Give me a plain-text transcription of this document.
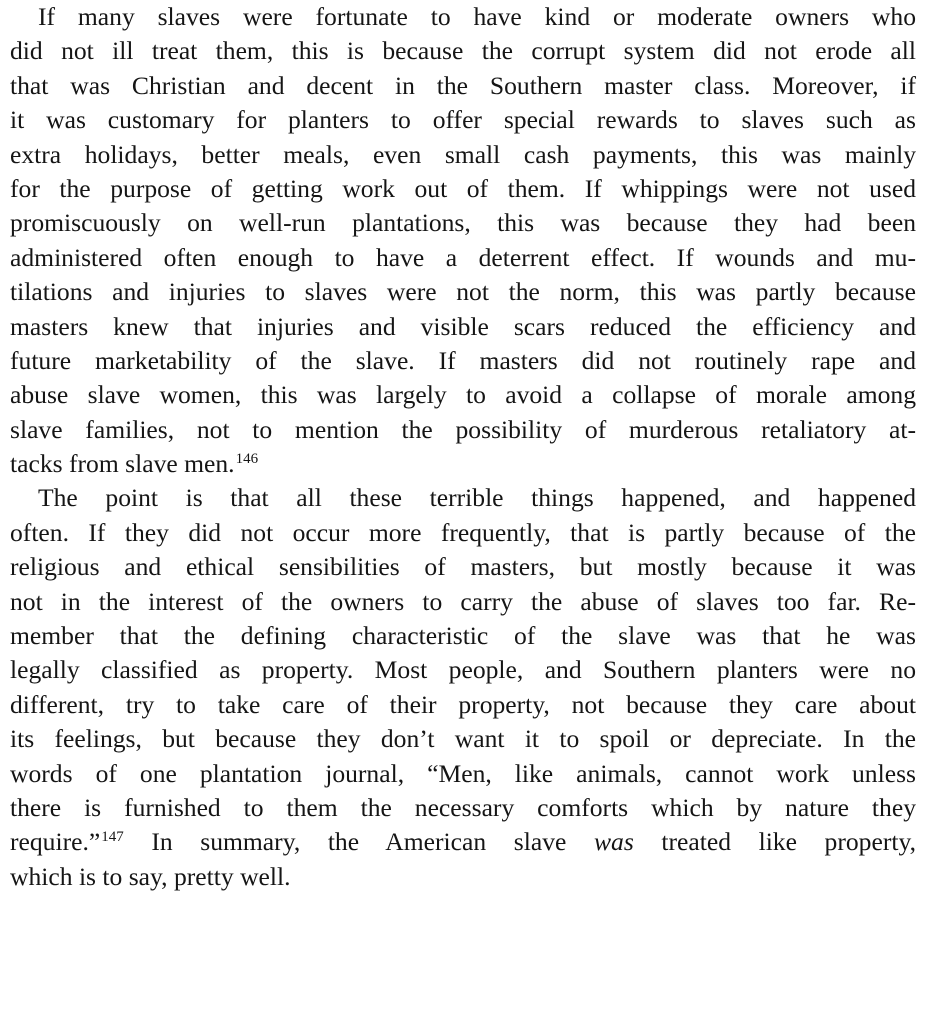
If many slaves were fortunate to have kind or moderate owners who
did not ill treat them, this is because the corrupt system did not erode all
that was Christian and decent in the Southern master class. Moreover, if
it was customary for planters to offer special rewards to slaves such as
extra holidays, better meals, even small cash payments, this was mainly
for the purpose of getting work out of them. If whippings were not used
promiscuously on well-run plantations, this was because they had been
administered often enough to have a deterrent effect. If wounds and mu-
tilations and injuries to slaves were not the norm, this was partly because
masters knew that injuries and visible scars reduced the efficiency and
future marketability of the slave. If masters did not routinely rape and
abuse slave women, this was largely to avoid a collapse of morale among
slave families, not to mention the possibility of murderous retaliatory at-
tacks from slave men.$^{146}$
The point is that all these terrible things happened, and happened
often. If they did not occur more frequently, that is partly because of the
religious and ethical sensibilities of masters, but mostly because it was
not in the interest of the owners to carry the abuse of slaves too far. Re-
member that the defining characteristic of the slave was that he was
legally classified as property. Most people, and Southern planters were no
different, try to take care of their property, not because they care about
its feelings, but because they don’t want it to spoil or depreciate. In the
words of one plantation journal, “Men, like animals, cannot work unless
there is furnished to them the necessary comforts which by nature they
require.”$^{147}$ In summary, the American slave was treated like property,
which is to say, pretty well.
